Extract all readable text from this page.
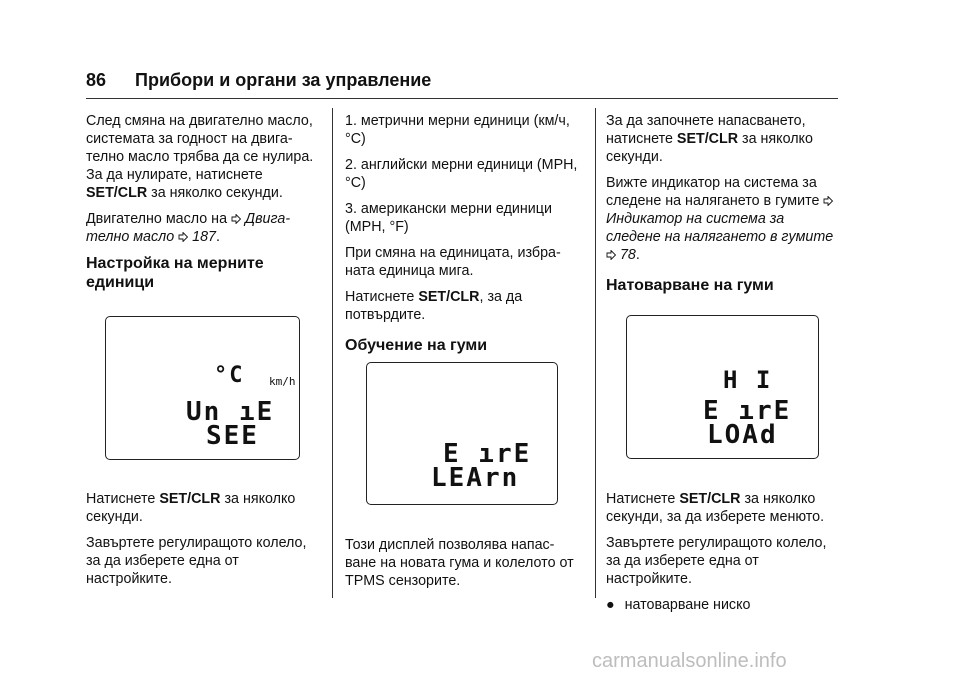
86 Прибори и органи за управление

След смяна на двигателно масло, системата за годност на двига-телно масло трябва да се нулира. За да нулирате, натиснете SET/CLR за няколко секунди.

Двигателно масло на  Двига-телно масло 187.

Настройка на мерните единици
°C km/h
Un ıE
SEE

Натиснете SET/CLR за няколко секунди.

Завъртете регулиращото колело, за да изберете една от настройките.

1. метрични мерни единици (км/ч, °C)

2. английски мерни единици (MPH, °C)

3. американски мерни единици (MPH, °F)

При смяна на единицата, избра-ната единица мига.

Натиснете SET/CLR, за да потвърдите.

Обучение на гуми
E ırE
LEArn

Този дисплей позволява напас-ване на новата гума и колелото от TPMS сензорите.

За да започнете напасването, натиснете SET/CLR за няколко секунди.

Вижте индикатор на система за следене на налягането в гумите  Индикатор на система за следене на налягането в гумите
78.

Натоварване на гуми
H I
E ırE
LOAd

Натиснете SET/CLR за няколко секунди, за да изберете менюто.

Завъртете регулиращото колело, за да изберете една от настройките.

● натоварване ниско

carmanualsonline.info
